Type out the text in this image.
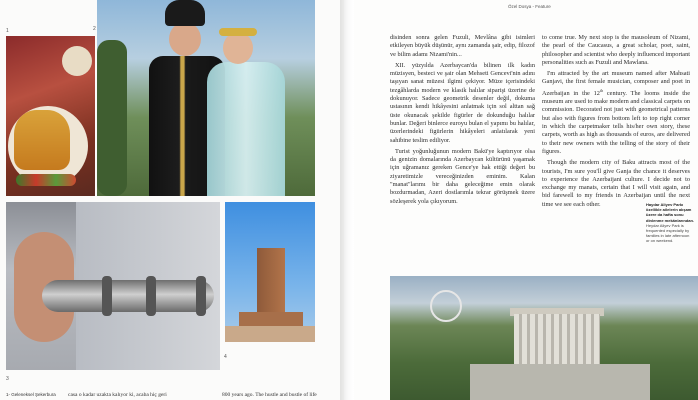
1	2
3
4
1- Geleneksel Şekerbura casa o kadar uzakta kalıyor ki, acaba hiç geri	800 years ago. The hustle and bustle of life
Özel Dosya - Feature

disinden sonra gelen Fuzuli, Mevlâna gibi isimleri etkileyen büyük düşünür, aynı zamanda şair, edip, filozof ve bilim adamı Nizami'nin...

XII. yüzyılda Azerbaycan'da bilinen ilk kadın müzisyen, besteci ve şair olan Mehseti Gencevi'nin adını taşıyan sanat müzesi ilgimi çekiyor. Müze içerisindeki tezgâhlarda modern ve klasik halılar siparişi üzerine de dokunuyor. Sadece geometrik desenler değil, dokuma ustasının kendi hikâyesini anlatmak için sol alttan sağ üste okunacak şekilde figürler de dokunduğu halılar bunlar. Değeri binlerce euroyu bulan el yapımı bu halılar, üzerlerindeki figürlerin hikâyeleri anlatılarak yeni sahibine teslim ediliyor.

Turist yoğunluğunun modern Bakü'ye kaptırıyor olsa da genizin domalarında Azerbaycan kültürünü yaşamak için uğramanız gereken Gence'ye hak ettiği değeri bu ziyaretimizle vereceğinizden eminim. Kalan "manat"larımı bir daha geleceğime emin olarak bozdurmadan, Azeri dostlarımla tekrar görüşmek üzere sözleşerek yola çıkıyorum.

to come true. My next stop is the mausoleum of Nizami, the pearl of the Caucasus, a great scholar, poet, saint, philosopher and scientist who deeply influenced important personalities such as Fuzuli and Mawlana.

I'm attracted by the art museum named after Mahsati Ganjavi, the first female musician, composer and poet in Azerbaijan in the 12th century. The looms inside the museum are used to make modern and classical carpets on commission. Decorated not just with geometrical patterns but also with figures from bottom left to top right corner in which the carpetmaker tells his/her own story, these carpets, worth as high as thousands of euros, are delivered to their new owners with the telling of the story of their figures.

Though the modern city of Baku attracts most of the tourists, I'm sure you'll give Ganja the chance it deserves to experience the Azerbaijani culture. I decide not to exchange my manats, certain that I will visit again, and bid farewell to my friends in Azerbaijan until the next time we see each other.	Haydar Aliyev Parkı özellikle ailelerin akşam üzere da hafta sonu dinlenme mekânlarından.
Heydar Aliyev Park is frequented especially by families in late afternoon or on weekend.
